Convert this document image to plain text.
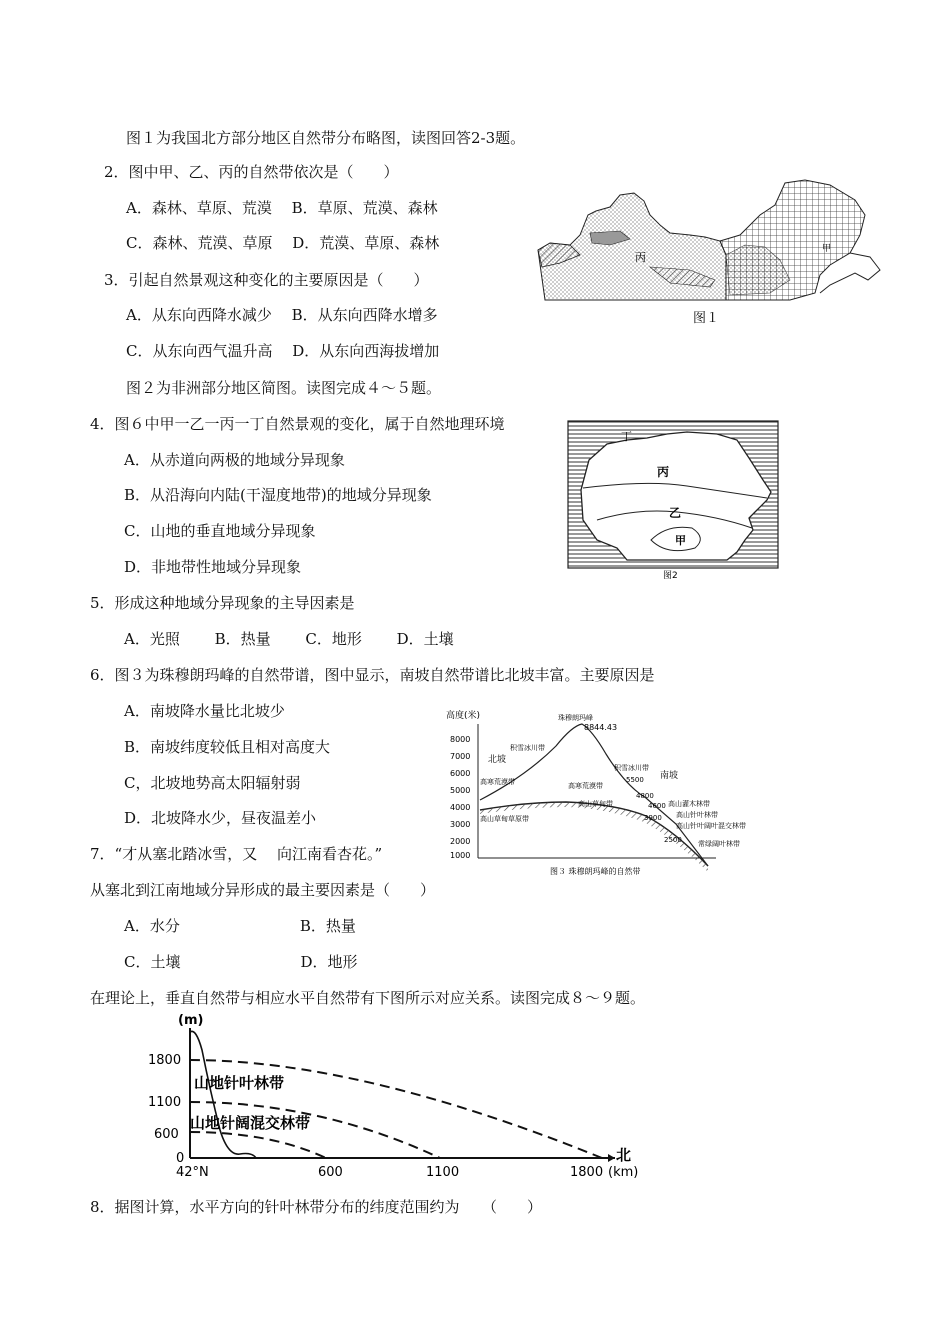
图１为我国北方部分地区自然带分布略图，读图回答2-3题。
2．图中甲、乙、丙的自然带依次是（　　）
A．森林、草原、荒漠　 B．草原、荒漠、森林
C．森林、荒漠、草原　 D．荒漠、草原、森林
3．引起自然景观这种变化的主要原因是（　　）
A．从东向西降水减少　 B．从东向西降水增多
C．从东向西气温升高　 D．从东向西海拔增加
图２为非洲部分地区简图。读图完成４～５题。
4．图６中甲一乙一丙一丁自然景观的变化，属于自然地理环境
A．从赤道向两极的地域分异现象
B．从沿海向内陆(干湿度地带)的地域分异现象
C．山地的垂直地域分异现象
D．非地带性地域分异现象
5．形成这种地域分异现象的主导因素是
A．光照　　 B．热量　　 C．地形　　 D．土壤
6．图３为珠穆朗玛峰的自然带谱，图中显示，南坡自然带谱比北坡丰富。主要原因是
A．南坡降水量比北坡少
B．南坡纬度较低且相对高度大
C，北坡地势高太阳辐射弱
D．北坡降水少，昼夜温差小
7．“才从塞北踏冰雪，又　 向江南看杏花。”
从塞北到江南地域分异形成的最主要因素是（　　）
A．水分　　　　　　　　B．热量
C．土壤　　　　　　　　D．地形
在理论上，垂直自然带与相应水平自然带有下图所示对应关系。读图完成８～９题。
8．据图计算，水平方向的针叶林带分布的纬度范围约为　　（　　）
丙
甲
图１
丁
丙
乙
甲
图2
高度(米)
8000
7000
6000
5000
4000
3000
2000
1000
珠穆朗玛峰
8844.43
北坡
南坡
积雪冰川带
高寒荒漠带
高山草甸草原带
积雪冰川带
高寒荒漠带
高山草甸带	高山灌木林带
高山针叶林带
高山针叶阔叶混交林带
常绿阔叶林带
5500
4800
4600
3900
2500
图３ 珠穆朗玛峰的自然带
(m)
1800
1100
600
0
山地针叶林带
山地针阔混交林带
42°N	600	1100	1800 (km)
北
